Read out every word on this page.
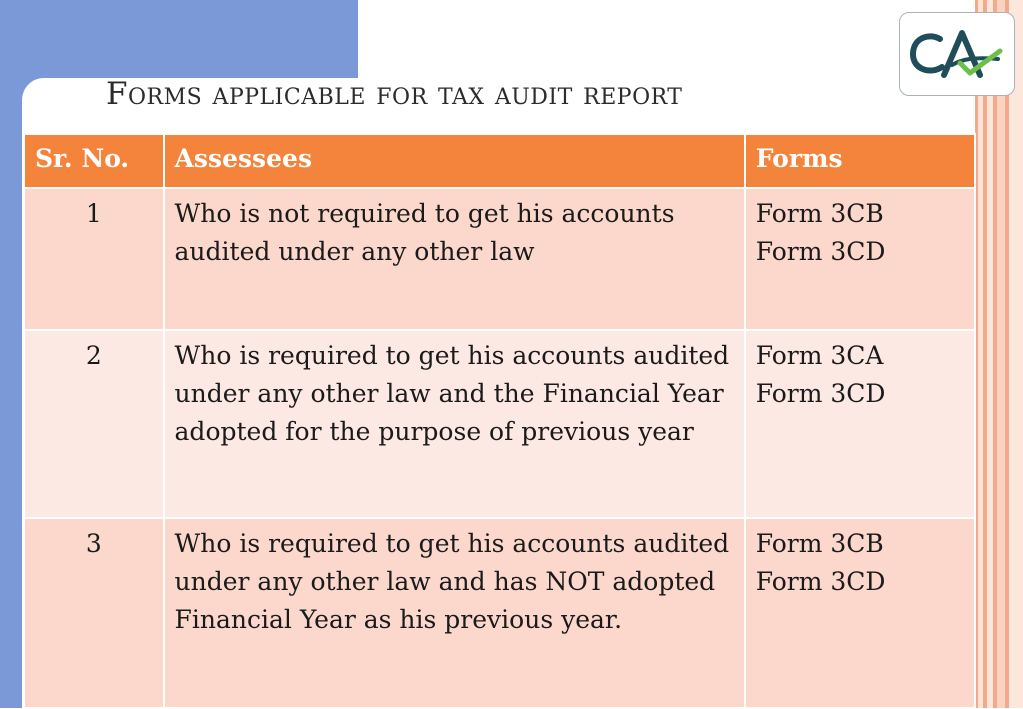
Forms applicable for tax audit report
Sr. No.	Assessees	Forms
1	Who is not required to get his accounts audited under any other law	Form 3CB
Form 3CD

2	Who is required to get his accounts audited under any other law and the Financial Year adopted for the purpose of previous year	Form 3CA
Form 3CD

3	Who is required to get his accounts audited under any other law and has NOT adopted Financial Year as his previous year.	Form 3CB
Form 3CD
